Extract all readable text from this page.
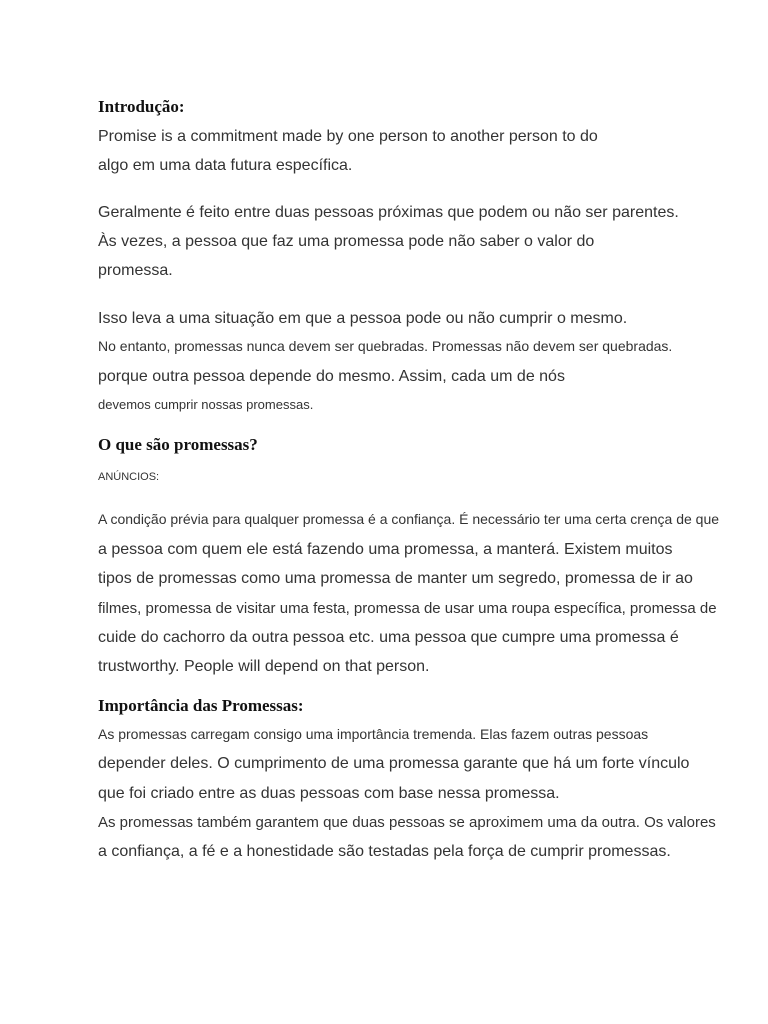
Introdução:

Promise is a commitment made by one person to another person to do

algo em uma data futura específica.

Geralmente é feito entre duas pessoas próximas que podem ou não ser parentes.

Às vezes, a pessoa que faz uma promessa pode não saber o valor do

promessa.

Isso leva a uma situação em que a pessoa pode ou não cumprir o mesmo.

No entanto, promessas nunca devem ser quebradas. Promessas não devem ser quebradas.

porque outra pessoa depende do mesmo. Assim, cada um de nós

devemos cumprir nossas promessas.

O que são promessas?

ANÚNCIOS:

A condição prévia para qualquer promessa é a confiança. É necessário ter uma certa crença de que

a pessoa com quem ele está fazendo uma promessa, a manterá. Existem muitos

tipos de promessas como uma promessa de manter um segredo, promessa de ir ao

filmes, promessa de visitar uma festa, promessa de usar uma roupa específica, promessa de

cuide do cachorro da outra pessoa etc. uma pessoa que cumpre uma promessa é

trustworthy. People will depend on that person.

Importância das Promessas:

As promessas carregam consigo uma importância tremenda. Elas fazem outras pessoas

depender deles. O cumprimento de uma promessa garante que há um forte vínculo

que foi criado entre as duas pessoas com base nessa promessa.

As promessas também garantem que duas pessoas se aproximem uma da outra. Os valores

a confiança, a fé e a honestidade são testadas pela força de cumprir promessas.
